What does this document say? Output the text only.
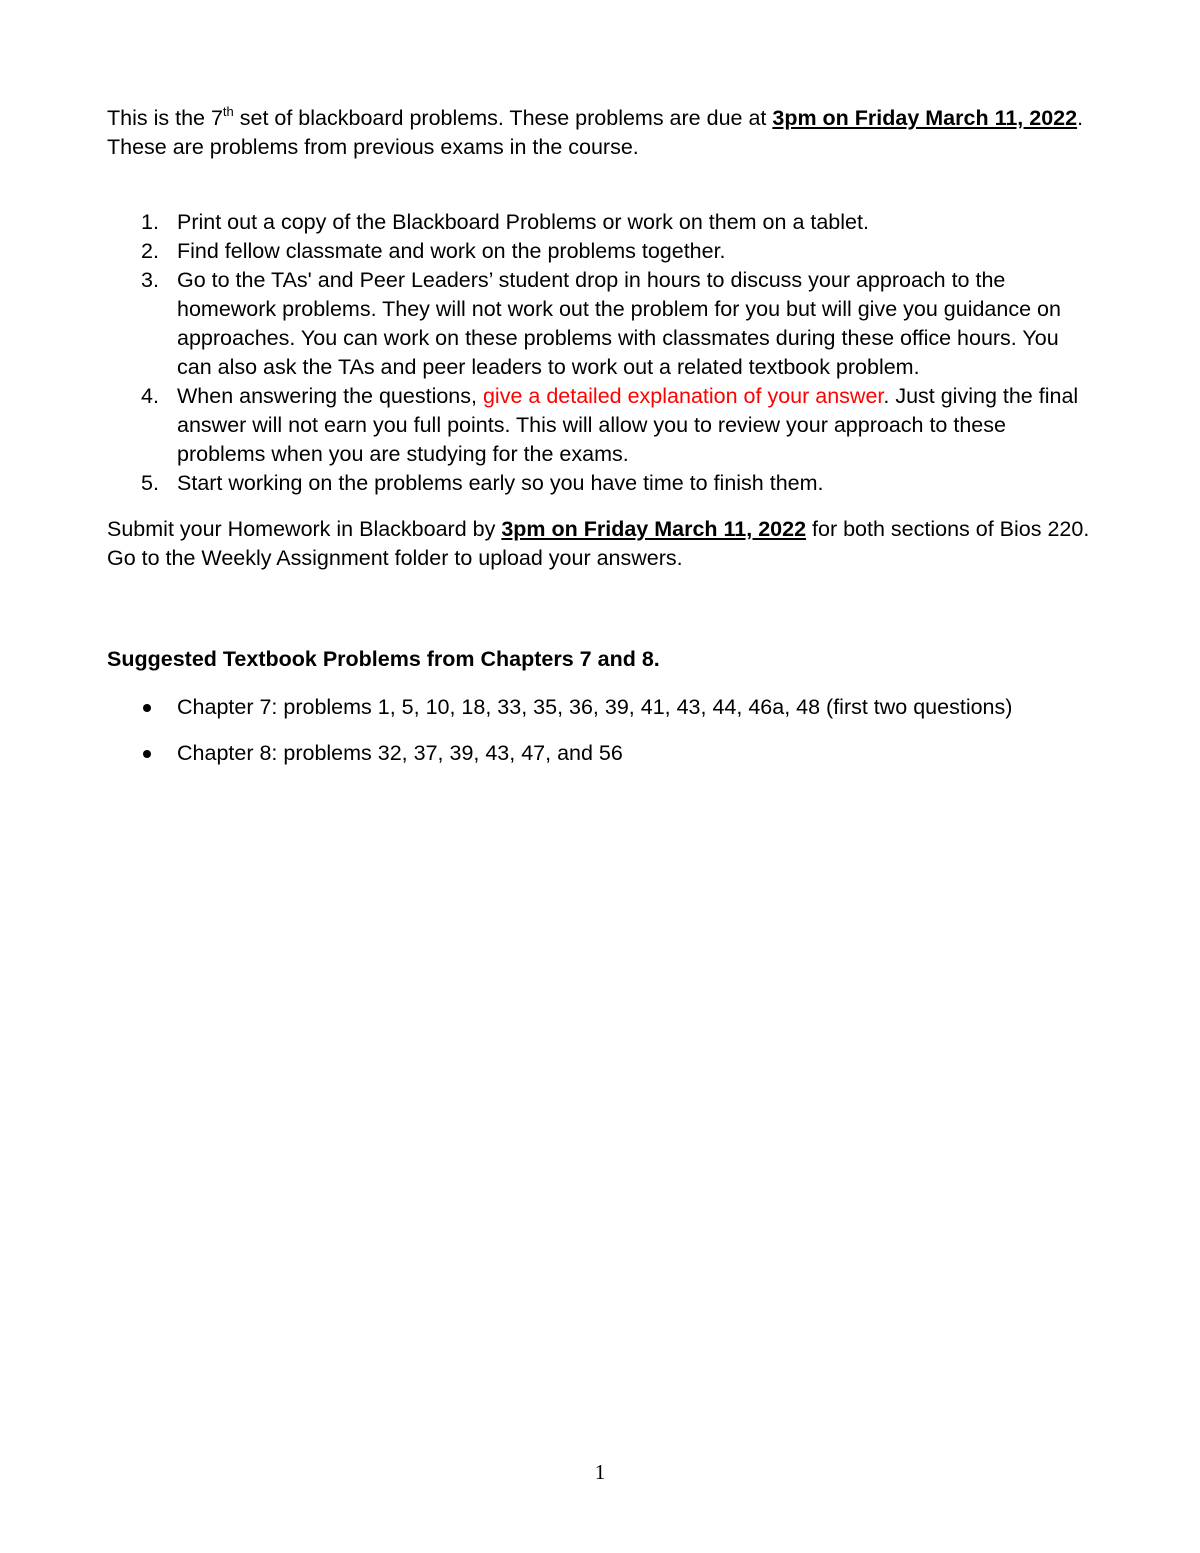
This is the 7th set of blackboard problems. These problems are due at 3pm on Friday March 11, 2022. These are problems from previous exams in the course.

1. Print out a copy of the Blackboard Problems or work on them on a tablet.
2. Find fellow classmate and work on the problems together.
3. Go to the TAs' and Peer Leaders’ student drop in hours to discuss your approach to the homework problems. They will not work out the problem for you but will give you guidance on approaches. You can work on these problems with classmates during these office hours. You can also ask the TAs and peer leaders to work out a related textbook problem.
4. When answering the questions, give a detailed explanation of your answer. Just giving the final answer will not earn you full points. This will allow you to review your approach to these problems when you are studying for the exams.
5. Start working on the problems early so you have time to finish them.

Submit your Homework in Blackboard by 3pm on Friday March 11, 2022 for both sections of Bios 220. Go to the Weekly Assignment folder to upload your answers.

Suggested Textbook Problems from Chapters 7 and 8.

Chapter 7: problems 1, 5, 10, 18, 33, 35, 36, 39, 41, 43, 44, 46a, 48 (first two questions)
Chapter 8: problems 32, 37, 39, 43, 47, and 56
1
